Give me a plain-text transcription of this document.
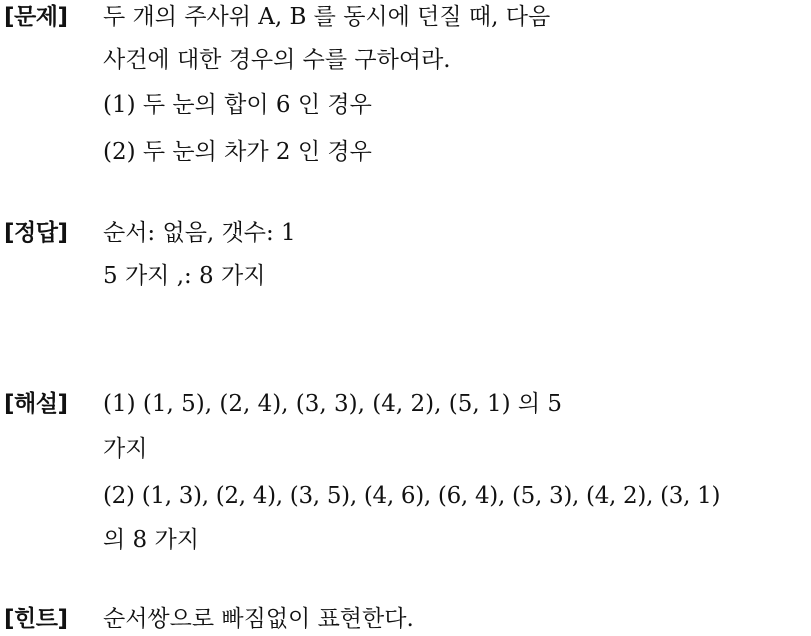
[문제] 두 개의 주사위 A, B 를 동시에 던질 때, 다음
사건에 대한 경우의 수를 구하여라.
(1) 두 눈의 합이 6 인 경우
(2) 두 눈의 차가 2 인 경우
[정답] 순서: 없음, 갯수: 1
5 가지 ,: 8 가지
[해설] (1) (1, 5), (2, 4), (3, 3), (4, 2), (5, 1) 의 5
가지
(2) (1, 3), (2, 4), (3, 5), (4, 6), (6, 4), (5, 3), (4, 2), (3, 1)
의 8 가지
[힌트] 순서쌍으로 빠짐없이 표현한다.
